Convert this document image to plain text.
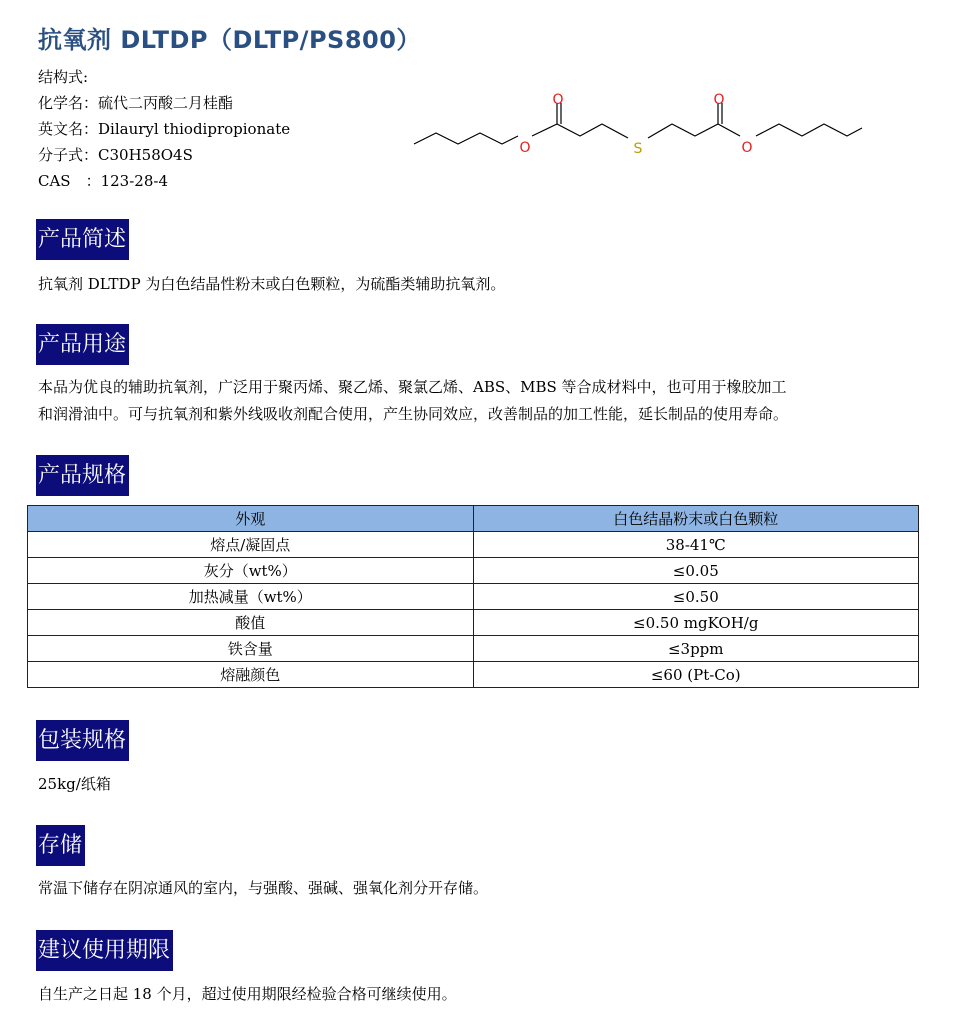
抗氧剂 DLTDP（DLTP/PS800）
结构式:
化学名：硫代二丙酸二月桂酯
英文名：Dilauryl thiodipropionate
分子式：C30H58O4S
CAS　：123-28-4
O
O
S
O
O
产品简述
抗氧剂 DLTDP 为白色结晶性粉末或白色颗粒，为硫酯类辅助抗氧剂。
产品用途
本品为优良的辅助抗氧剂，广泛用于聚丙烯、聚乙烯、聚氯乙烯、ABS、MBS 等合成材料中，也可用于橡胶加工
和润滑油中。可与抗氧剂和紫外线吸收剂配合使用，产生协同效应，改善制品的加工性能，延长制品的使用寿命。
产品规格
外观	白色结晶粉末或白色颗粒
熔点/凝固点	38-41℃
灰分（wt%）	≤0.05
加热减量（wt%）	≤0.50
酸值	≤0.50 mgKOH/g
铁含量	≤3ppm
熔融颜色	≤60 (Pt-Co)
包装规格
25kg/纸箱
存储
常温下储存在阴凉通风的室内，与强酸、强碱、强氧化剂分开存储。
建议使用期限
自生产之日起 18 个月，超过使用期限经检验合格可继续使用。
